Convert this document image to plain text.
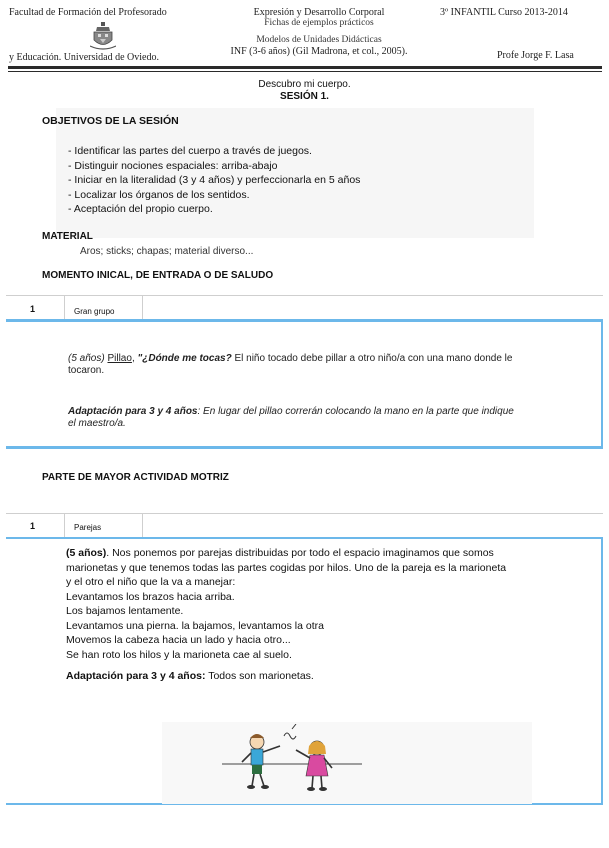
Facultad de Formación del Profesorado
y Educación. Universidad de Oviedo.
Expresión y Desarrollo Corporal
Fichas de ejemplos prácticos
Modelos de Unidades Didácticas
INF (3-6 años) (Gil Madrona, et col., 2005).
3º INFANTIL Curso 2013-2014
Profe Jorge F. Lasa
Descubro mi cuerpo.
SESIÓN 1.
OBJETIVOS DE LA SESIÓN
- Identificar las partes del cuerpo a través de juegos.
- Distinguir nociones espaciales: arriba-abajo
- Iniciar en la literalidad (3 y 4 años) y perfeccionarla en 5 años
- Localizar los órganos de los sentidos.
- Aceptación del propio cuerpo.
MATERIAL
Aros; sticks; chapas; material diverso...
MOMENTO INICAL, DE ENTRADA O DE SALUDO
1	Gran grupo
(5 años) Pillao, "¿Dónde me tocas? El niño tocado debe pillar a otro niño/a con una mano donde le tocaron.
Adaptación para 3 y 4 años: En lugar del pillao correrán colocando la mano en la parte que indique el maestro/a.
PARTE DE MAYOR ACTIVIDAD MOTRIZ
1	Parejas
(5 años). Nos ponemos por parejas distribuidas por todo el espacio imaginamos que somos
marionetas y que tenemos todas las partes cogidas por hilos. Uno de la pareja es la marioneta
y el otro el niño que la va a manejar:
Levantamos los brazos hacia arriba.
Los bajamos lentamente.
Levantamos una pierna. la bajamos, levantamos la otra
Movemos la cabeza hacia un lado y hacia otro...
Se han roto los hilos y la marioneta cae al suelo.
Adaptación para 3 y 4 años: Todos son marionetas.
